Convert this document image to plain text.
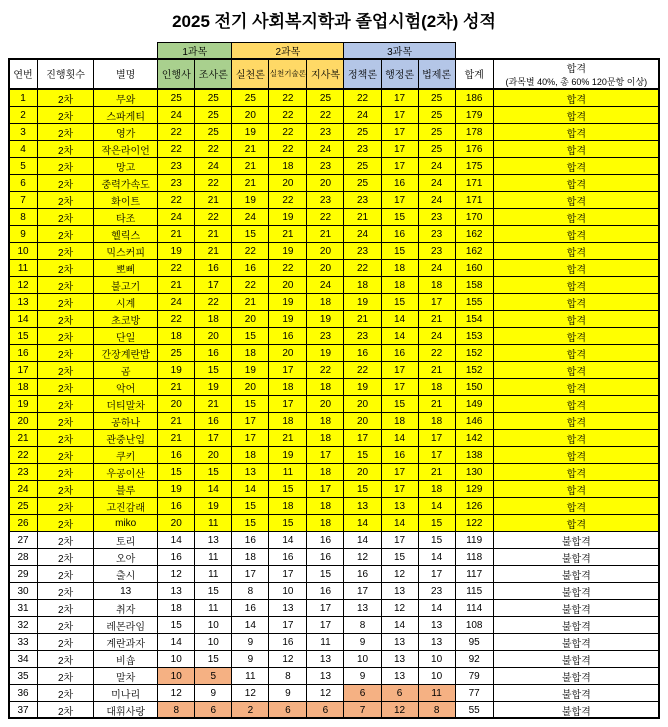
2025 전기 사회복지학과 졸업시험(2차) 성적
			1과목		2과목			3과목				
연번	진행횟수	별명	인행사	조사론	실천론	실천기술론	지사복	정책론	행정론	법제론	합계	합격
(과목별 40%, 총 60% 120문항 이상)

1	2차	무와	25	25	25	22	25	22	17	25	186	합격
2	2차	스파게티	24	25	20	22	22	24	17	25	179	합격
3	2차	영가	22	25	19	22	23	25	17	25	178	합격
4	2차	작은라이언	22	22	21	22	24	23	17	25	176	합격
5	2차	망고	23	24	21	18	23	25	17	24	175	합격
6	2차	중력가속도	23	22	21	20	20	25	16	24	171	합격
7	2차	화이트	22	21	19	22	23	23	17	24	171	합격
8	2차	타조	24	22	24	19	22	21	15	23	170	합격
9	2차	헬릭스	21	21	15	21	21	24	16	23	162	합격
10	2차	믹스커피	19	21	22	19	20	23	15	23	162	합격
11	2차	뽀삐	22	16	16	22	20	22	18	24	160	합격
12	2차	불고기	21	17	22	20	24	18	18	18	158	합격
13	2차	시계	24	22	21	19	18	19	15	17	155	합격
14	2차	초코방	22	18	20	19	19	21	14	21	154	합격
15	2차	단일	18	20	15	16	23	23	14	24	153	합격
16	2차	간장계란밥	25	16	18	20	19	16	16	22	152	합격
17	2차	곰	19	15	19	17	22	22	17	21	152	합격
18	2차	악어	21	19	20	18	18	19	17	18	150	합격
19	2차	더티말차	20	21	15	17	20	20	15	21	149	합격
20	2차	공하나	21	16	17	18	18	20	18	18	146	합격
21	2차	관중난입	21	17	17	21	18	17	14	17	142	합격
22	2차	쿠키	16	20	18	19	17	15	16	17	138	합격
23	2차	우공이산	15	15	13	11	18	20	17	21	130	합격
24	2차	블루	19	14	14	15	17	15	17	18	129	합격
25	2차	고진감래	16	19	15	18	18	13	13	14	126	합격
26	2차	miko	20	11	15	15	18	14	14	15	122	합격
27	2차	토리	14	13	16	14	16	14	17	15	119	불합격
28	2차	오아	16	11	18	16	16	12	15	14	118	불합격
29	2차	출시	12	11	17	17	15	16	12	17	117	불합격
30	2차	13	13	15	8	10	16	17	13	23	115	불합격
31	2차	취자	18	11	16	13	17	13	12	14	114	불합격
32	2차	레몬라임	15	10	14	17	17	8	14	13	108	불합격
33	2차	계란과자	14	10	9	16	11	9	13	13	95	불합격
34	2차	비숍	10	15	9	12	13	10	13	10	92	불합격
35	2차	말차	10	5	11	8	13	9	13	10	79	불합격
36	2차	미나리	12	9	12	9	12	6	6	11	77	불합격
37	2차	대휘사랑	8	6	2	6	6	7	12	8	55	불합격
